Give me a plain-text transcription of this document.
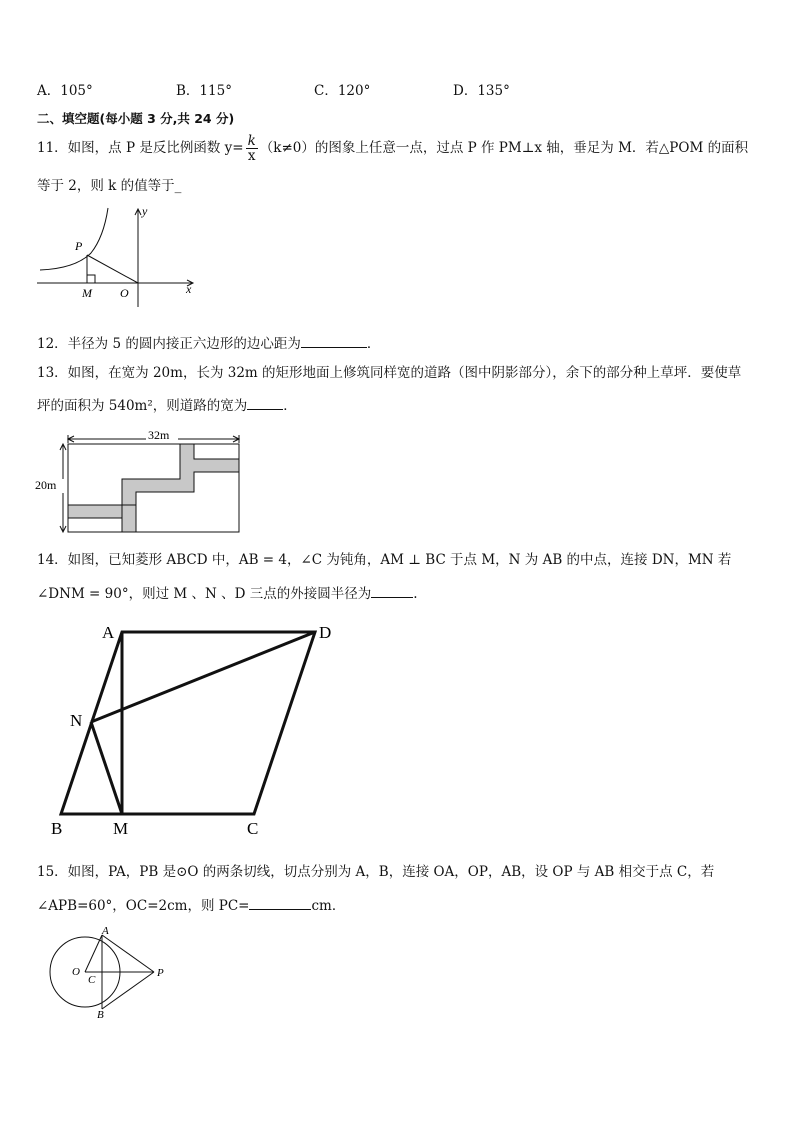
A．105°	B．115°	C．120°	D．135°
二、填空题(每小题 3 分,共 24 分)
11．如图，点 P 是反比例函数 $y= \frac{k}{x} (k\ne 0)$的图象上任意一点，过点 P 作 PM⊥x 轴，垂足为 M．若△POM 的面积
等于 2，则 k 的值等于_
y
x
P
M O
12．半径为 5 的圆内接正六边形的边心距为	．
13．如图，在宽为 20m，长为 32m 的矩形地面上修筑同样宽的道路（图中阴影部分），余下的部分种上草坪．要使草
坪的面积为 540m²，则道路的宽为	．
32m
20m
14．如图，已知菱形 ABCD 中，AB = 4，∠C 为钝角，AM ⊥ BC 于点 M，N 为 AB 的中点，连接 DN，MN 若
∠DNM = 90°，则过 M 、N 、D 三点的外接圆半径为	.
A	D
N
B	M	C
15．如图，PA，PB 是⊙O 的两条切线，切点分别为 A，B，连接 OA，OP，AB，设 OP 与 AB 相交于点 C，若
∠APB=60°，OC=2cm，则 PC=	cm．
A
O
C
P
B
